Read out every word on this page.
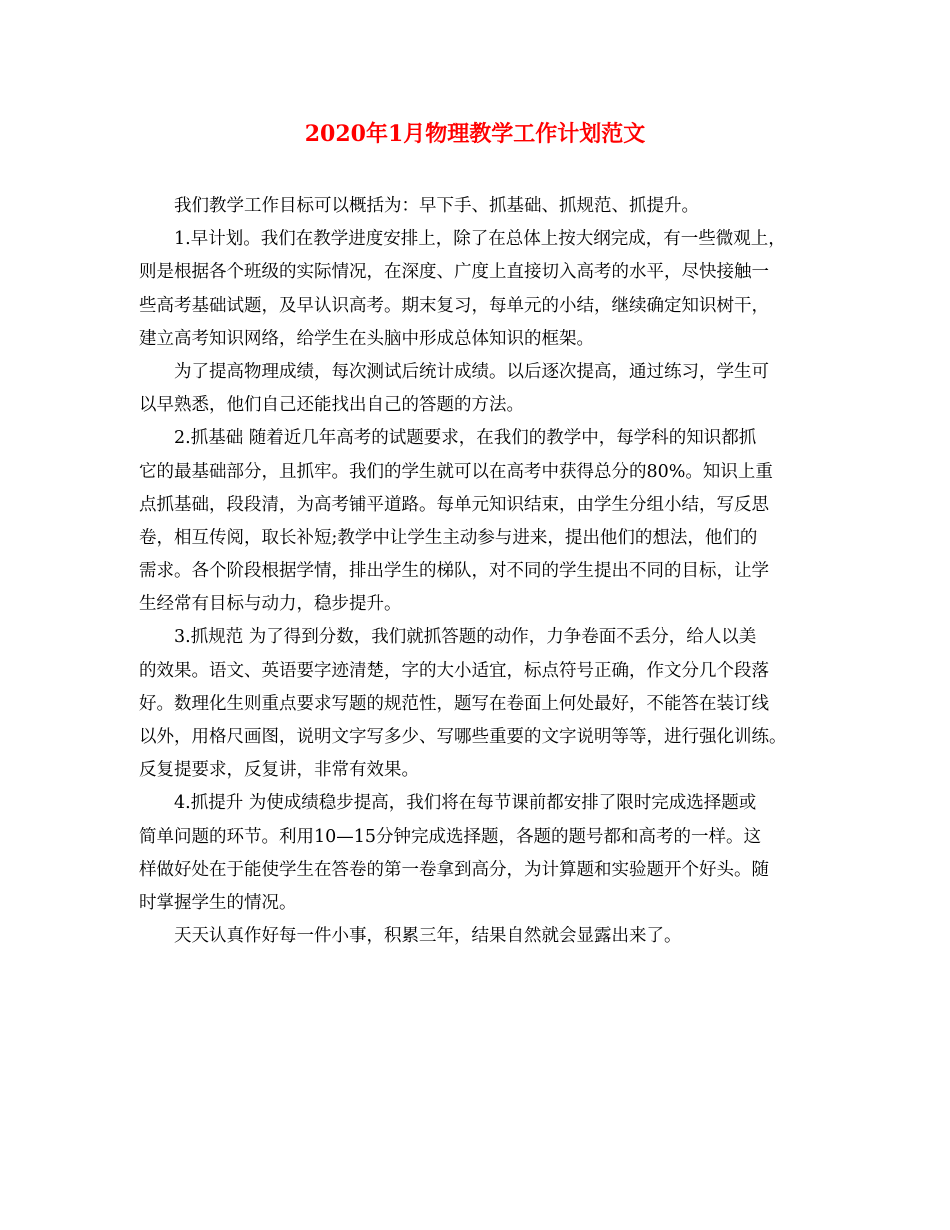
2020年1月物理教学工作计划范文
我们教学工作目标可以概括为：早下手、抓基础、抓规范、抓提升。
1.早计划。我们在教学进度安排上，除了在总体上按大纲完成，有一些微观上，
则是根据各个班级的实际情况，在深度、广度上直接切入高考的水平，尽快接触一
些高考基础试题，及早认识高考。期末复习，每单元的小结，继续确定知识树干，
建立高考知识网络，给学生在头脑中形成总体知识的框架。
为了提高物理成绩，每次测试后统计成绩。以后逐次提高，通过练习，学生可
以早熟悉，他们自己还能找出自己的答题的方法。
2.抓基础 随着近几年高考的试题要求，在我们的教学中，每学科的知识都抓
它的最基础部分，且抓牢。我们的学生就可以在高考中获得总分的80%。知识上重
点抓基础，段段清，为高考铺平道路。每单元知识结束，由学生分组小结，写反思
卷，相互传阅，取长补短;教学中让学生主动参与进来，提出他们的想法，他们的
需求。各个阶段根据学情，排出学生的梯队，对不同的学生提出不同的目标，让学
生经常有目标与动力，稳步提升。
3.抓规范 为了得到分数，我们就抓答题的动作，力争卷面不丢分，给人以美
的效果。语文、英语要字迹清楚，字的大小适宜，标点符号正确，作文分几个段落
好。数理化生则重点要求写题的规范性，题写在卷面上何处最好，不能答在装订线
以外，用格尺画图，说明文字写多少、写哪些重要的文字说明等等，进行强化训练。
反复提要求，反复讲，非常有效果。
4.抓提升 为使成绩稳步提高，我们将在每节课前都安排了限时完成选择题或
简单问题的环节。利用10—15分钟完成选择题，各题的题号都和高考的一样。这
样做好处在于能使学生在答卷的第一卷拿到高分，为计算题和实验题开个好头。随
时掌握学生的情况。
天天认真作好每一件小事，积累三年，结果自然就会显露出来了。
